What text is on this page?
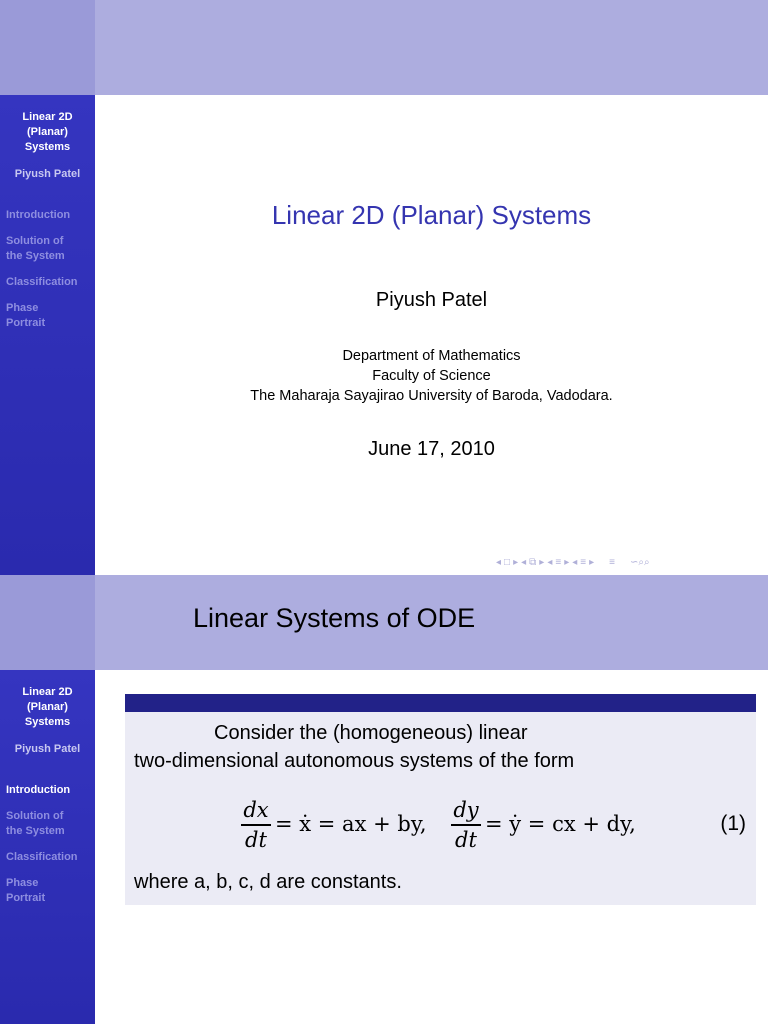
Linear 2D
(Planar)
Systems
Piyush Patel
Introduction
Solution of
the System
Classification
Phase
Portrait
Linear 2D (Planar) Systems
Piyush Patel
Department of Mathematics
Faculty of Science
The Maharaja Sayajirao University of Baroda, Vadodara.
June 17, 2010
◂ □ ▸ ◂ ⧉ ▸ ◂ ≡ ▸ ◂ ≡ ▸ ≡ ∽⌕⌕
Linear Systems of ODE
Linear 2D
(Planar)
Systems
Piyush Patel
Introduction
Solution of
the System
Classification
Phase
Portrait
Consider the (homogeneous) linear
two-dimensional autonomous systems of the form
dx
dt
= ẋ = ax + by,
dy
dt
= ẏ = cx + dy,	(1)
where a, b, c, d are constants.
